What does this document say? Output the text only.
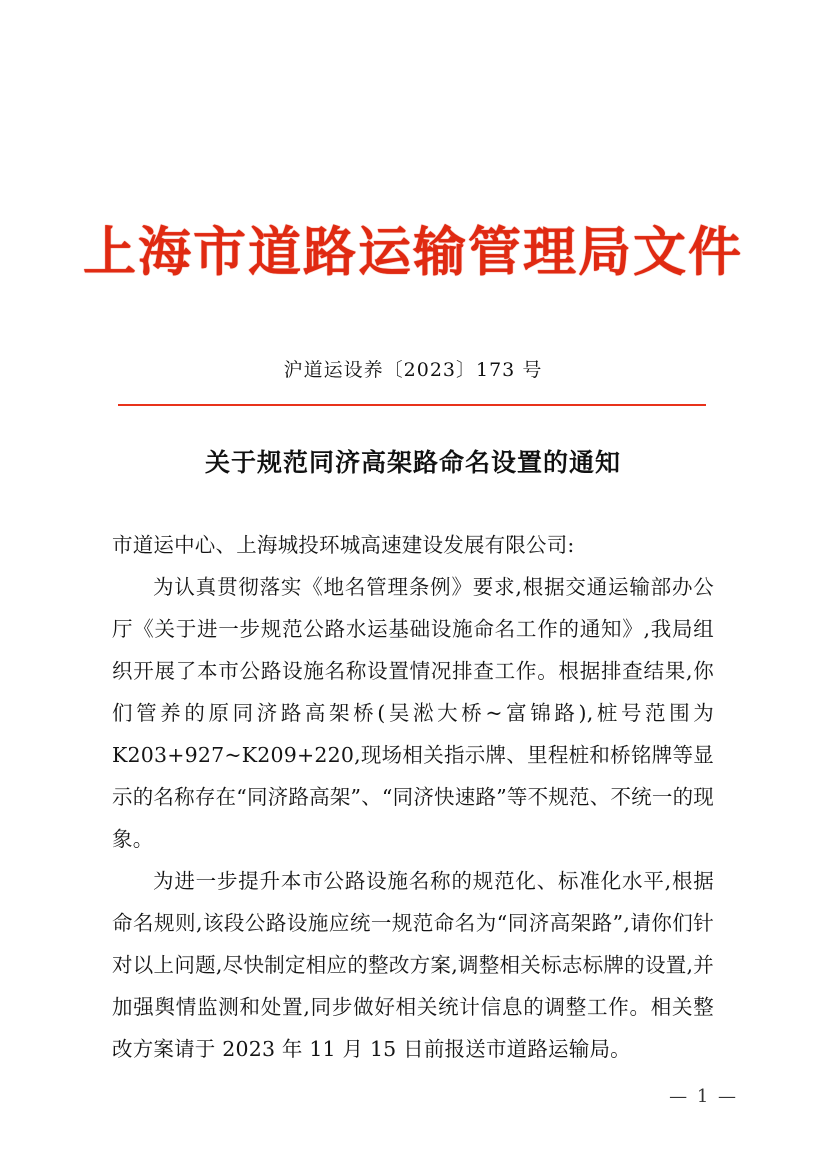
上海市道路运输管理局文件
沪道运设养〔2023〕173 号
关于规范同济高架路命名设置的通知

市道运中心、上海城投环城高速建设发展有限公司:

为认真贯彻落实《地名管理条例》要求,根据交通运输部办公厅《关于进一步规范公路水运基础设施命名工作的通知》,我局组织开展了本市公路设施名称设置情况排查工作。根据排查结果,你们管养的原同济路高架桥(吴淞大桥~富锦路),桩号范围为 K203+927~K209+220,现场相关指示牌、里程桩和桥铭牌等显示的名称存在“同济路高架”、“同济快速路”等不规范、不统一的现象。

为进一步提升本市公路设施名称的规范化、标准化水平,根据命名规则,该段公路设施应统一规范命名为“同济高架路”,请你们针对以上问题,尽快制定相应的整改方案,调整相关标志标牌的设置,并加强舆情监测和处置,同步做好相关统计信息的调整工作。相关整改方案请于 2023 年 11 月 15 日前报送市道路运输局。

— 1 —
